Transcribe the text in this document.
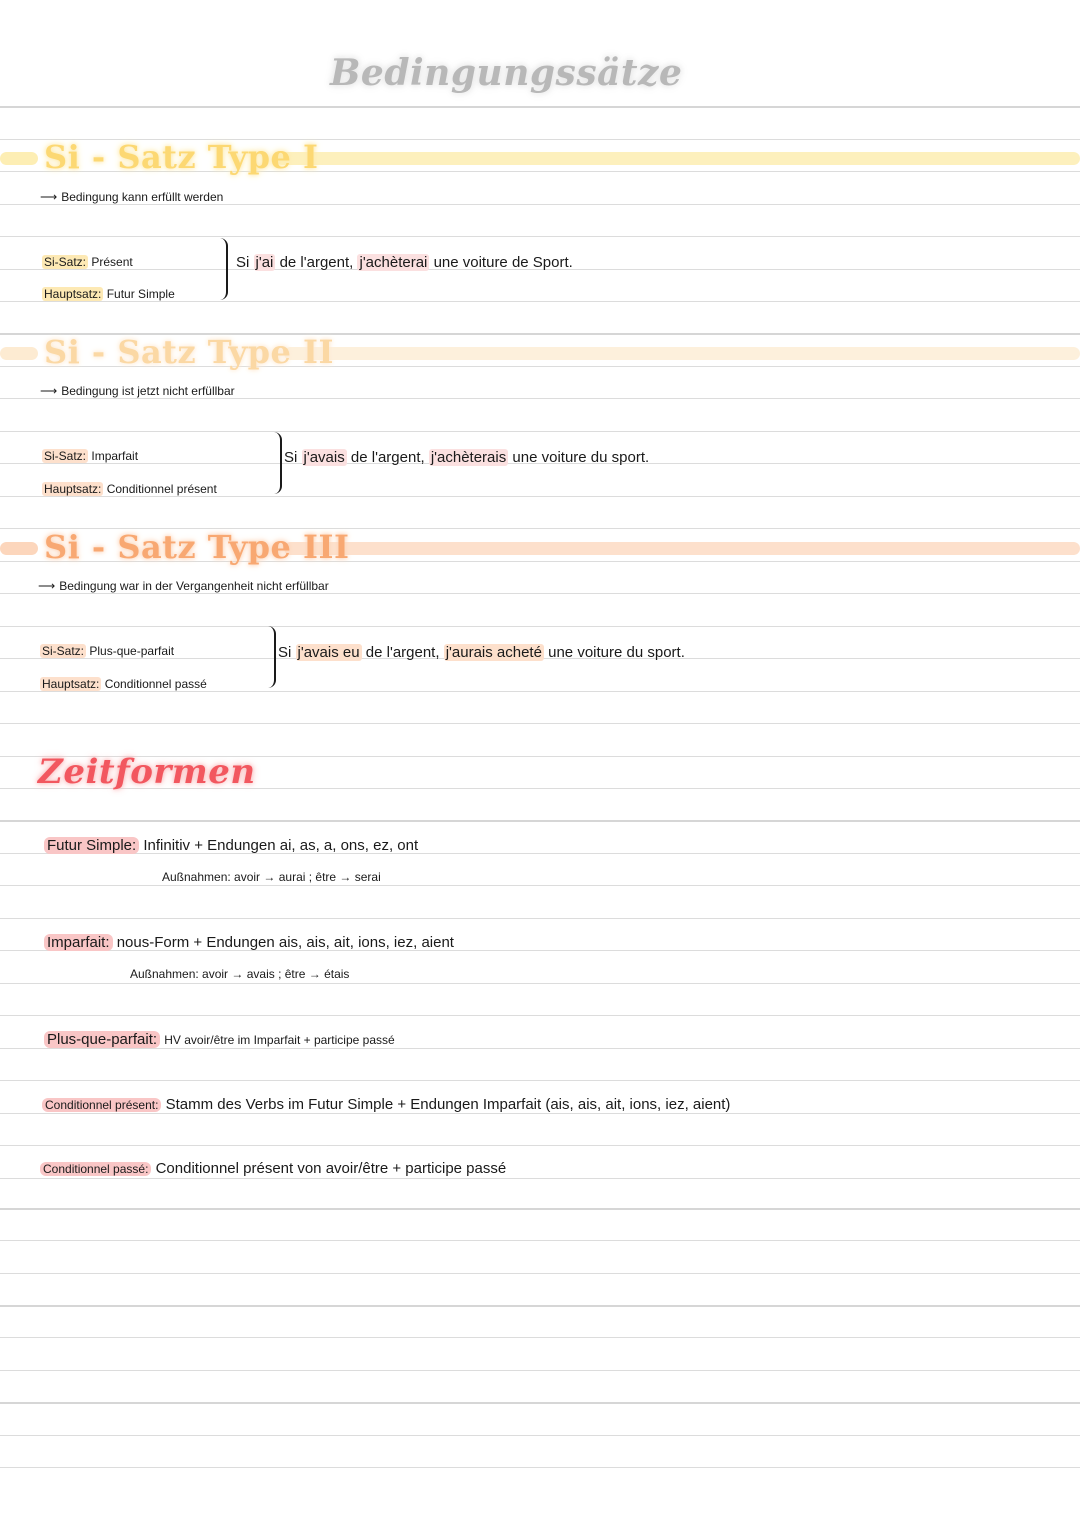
Bedingungssätze
Si - Satz Type I
⟶ Bedingung kann erfüllt werden
Si-Satz: Présent
Hauptsatz: Futur Simple
Si j'ai de l'argent, j'achèterai une voiture de Sport.
Si - Satz Type II
⟶ Bedingung ist jetzt nicht erfüllbar
Si-Satz: Imparfait
Hauptsatz: Conditionnel présent
Si j'avais de l'argent, j'achèterais une voiture du sport.
Si - Satz Type III
⟶ Bedingung war in der Vergangenheit nicht erfüllbar
Si-Satz: Plus-que-parfait
Hauptsatz: Conditionnel passé
Si j'avais eu de l'argent, j'aurais acheté une voiture du sport.
Zeitformen
Futur Simple: Infinitiv + Endungen ai, as, a, ons, ez, ont
Außnahmen: avoir → aurai ; être → serai
Imparfait: nous-Form + Endungen ais, ais, ait, ions, iez, aient
Außnahmen: avoir → avais ; être → étais
Plus-que-parfait: HV avoir/être im Imparfait + participe passé
Conditionnel présent: Stamm des Verbs im Futur Simple + Endungen Imparfait (ais, ais, ait, ions, iez, aient)
Conditionnel passé: Conditionnel présent von avoir/être + participe passé
